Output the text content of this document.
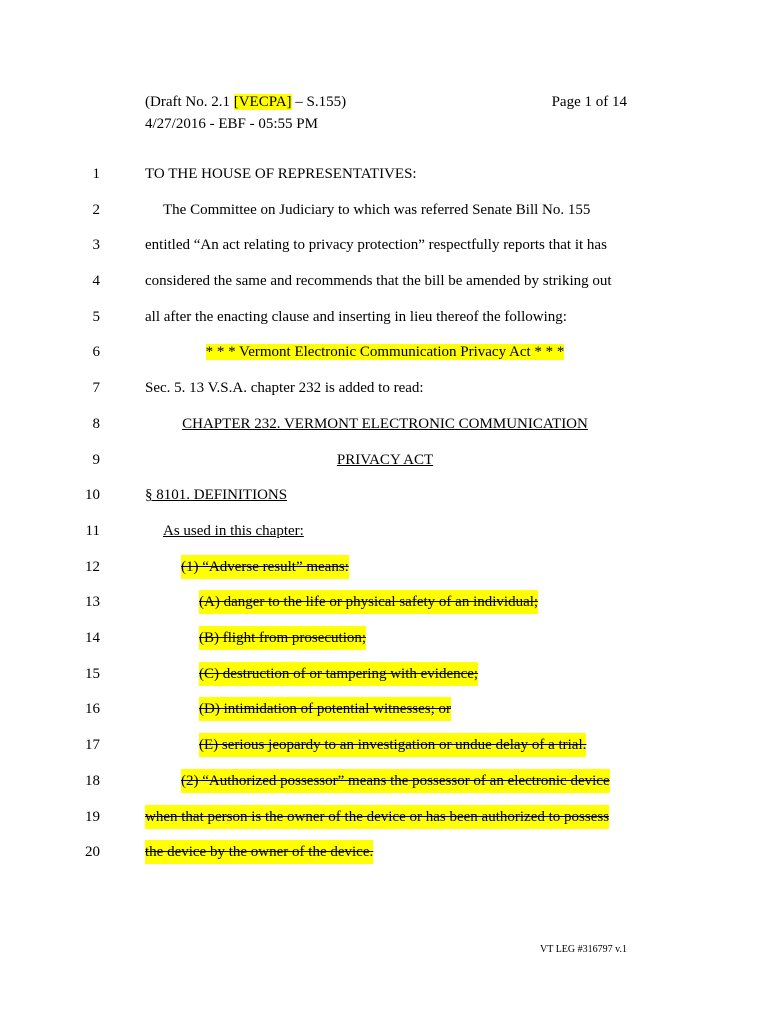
(Draft No. 2.1 [VECPA] – S.155)
4/27/2016 - EBF - 05:55 PM
Page 1 of 14
1	TO THE HOUSE OF REPRESENTATIVES:
2	The Committee on Judiciary to which was referred Senate Bill No. 155
3	entitled “An act relating to privacy protection” respectfully reports that it has
4	considered the same and recommends that the bill be amended by striking out
5	all after the enacting clause and inserting in lieu thereof the following:
6	* * * Vermont Electronic Communication Privacy Act * * *
7	Sec. 5. 13 V.S.A. chapter 232 is added to read:
8	CHAPTER 232. VERMONT ELECTRONIC COMMUNICATION
9	PRIVACY ACT
10	§ 8101. DEFINITIONS
11	As used in this chapter:
12	(1) “Adverse result” means:
13	(A) danger to the life or physical safety of an individual;
14	(B) flight from prosecution;
15	(C) destruction of or tampering with evidence;
16	(D) intimidation of potential witnesses; or
17	(E) serious jeopardy to an investigation or undue delay of a trial.
18	(2) “Authorized possessor” means the possessor of an electronic device
19	when that person is the owner of the device or has been authorized to possess
20	the device by the owner of the device.
VT LEG #316797 v.1
